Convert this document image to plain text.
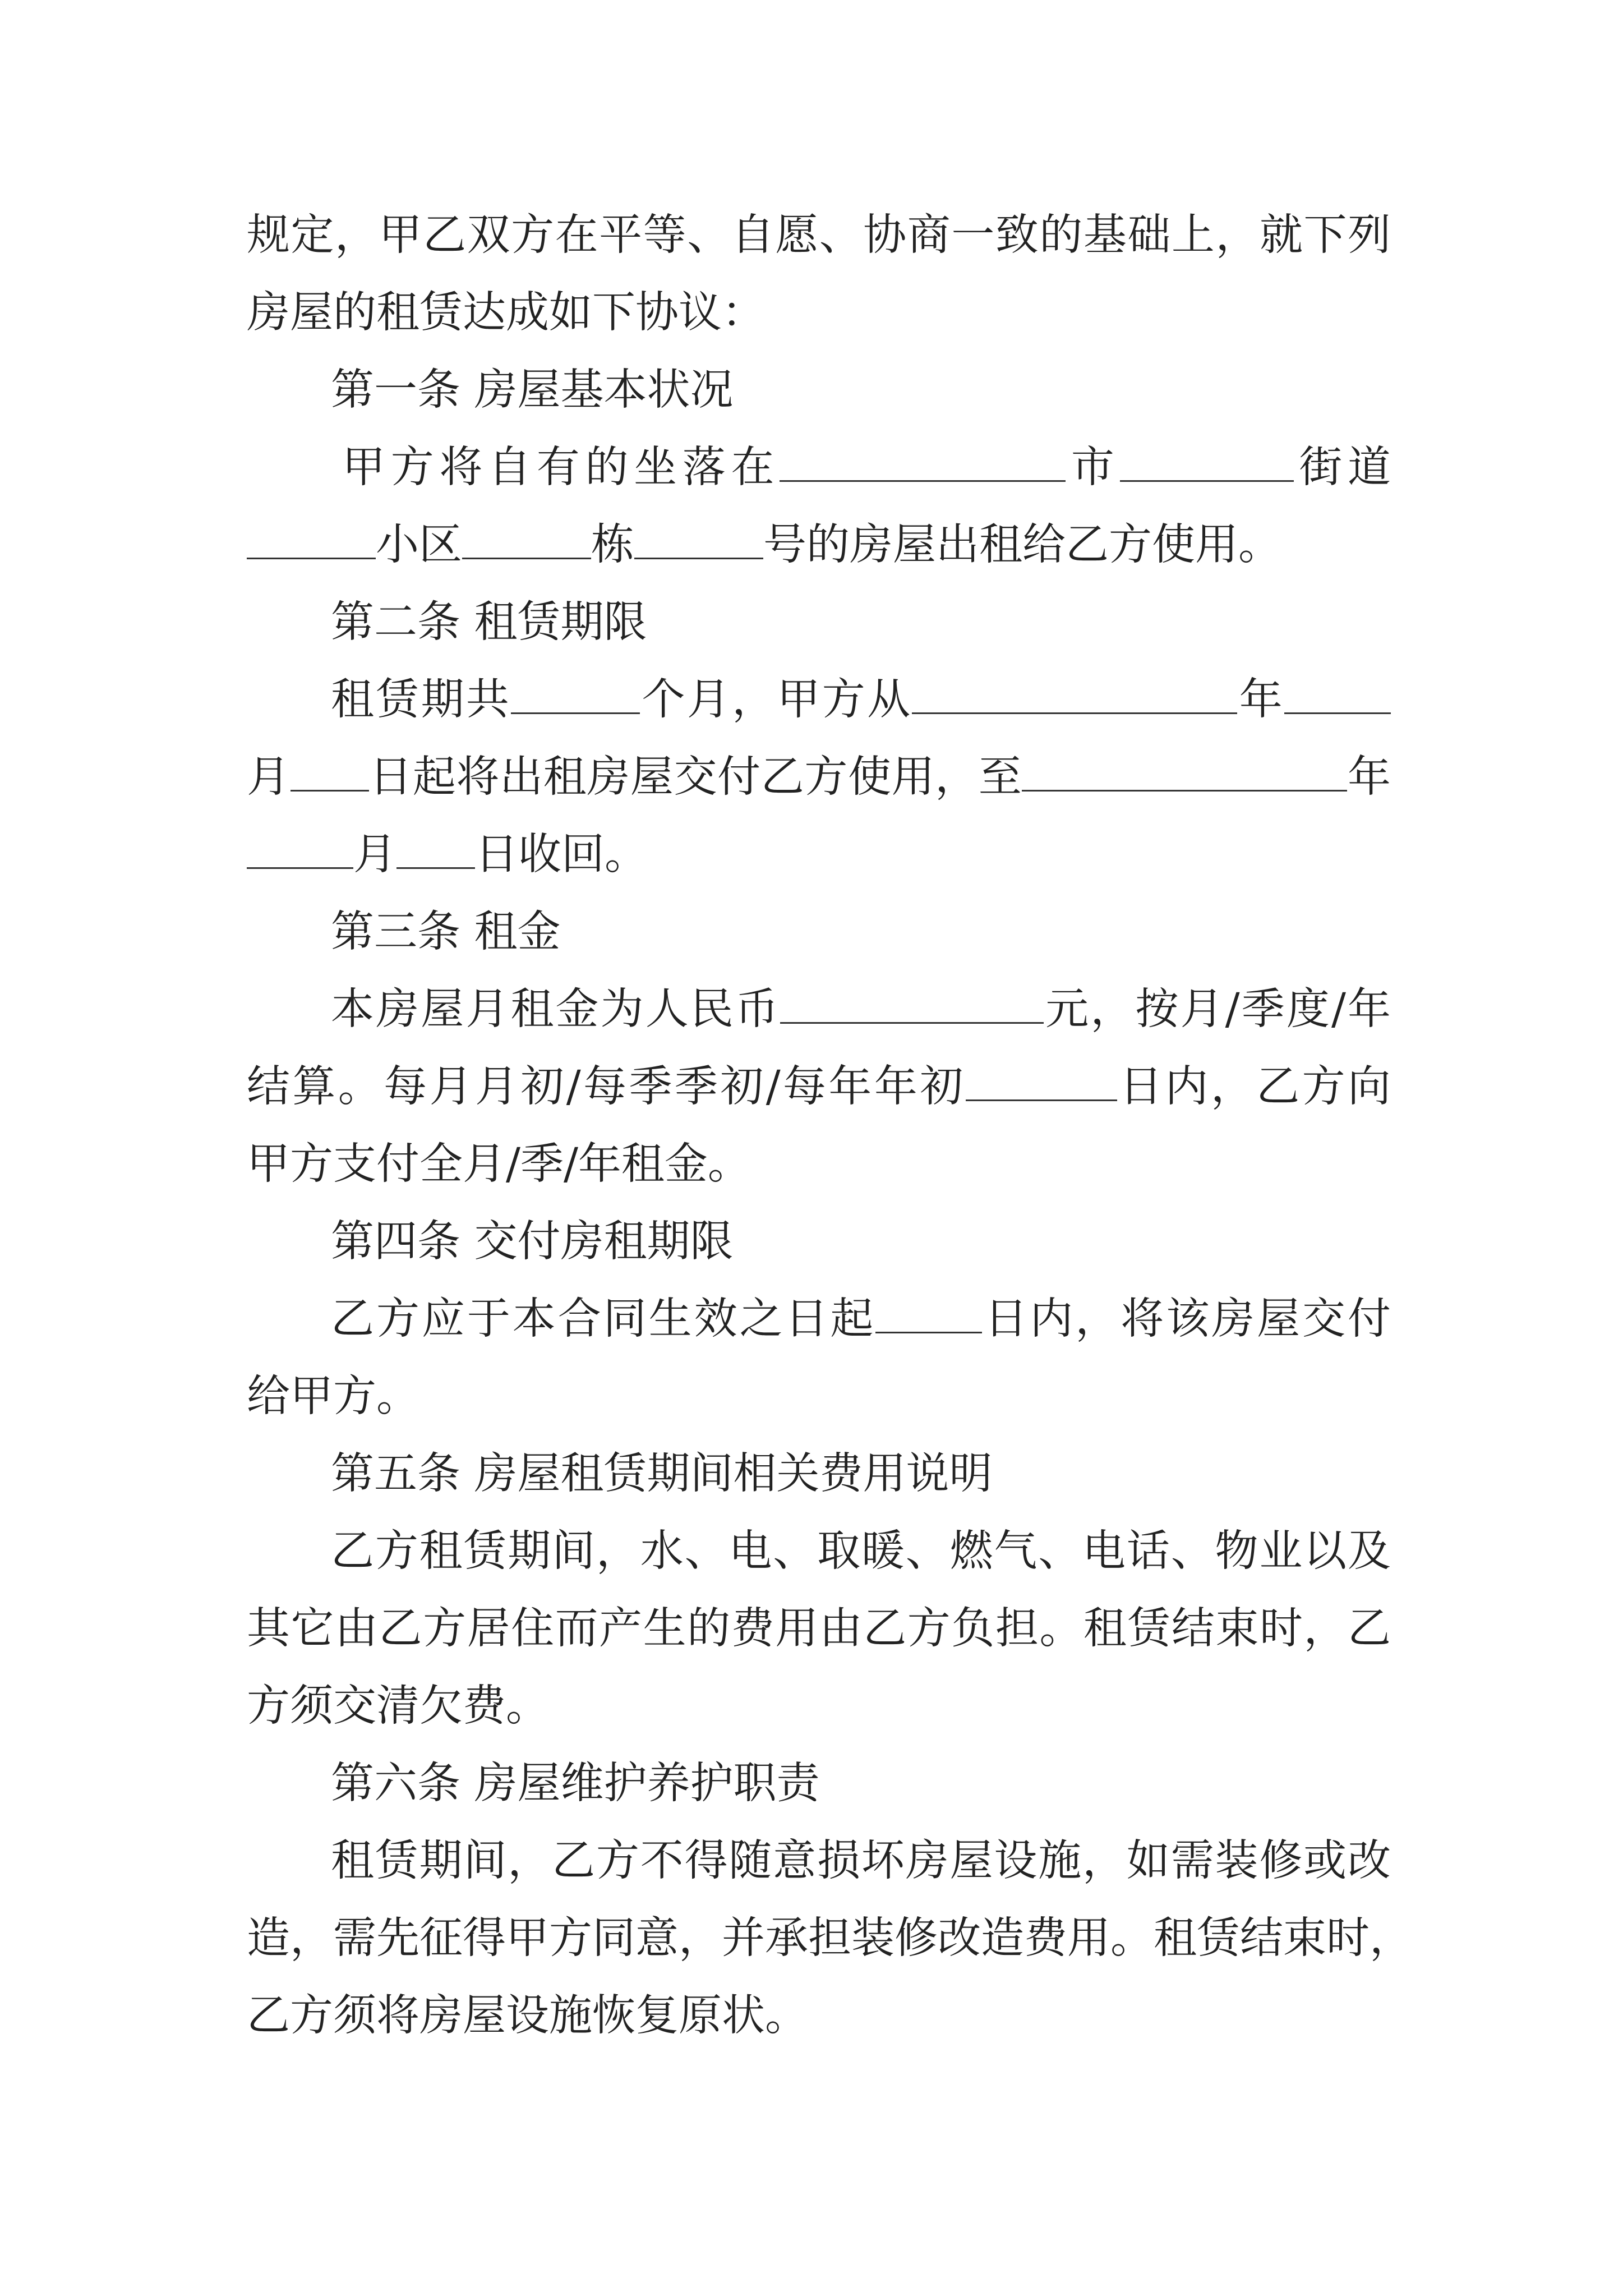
规定，甲乙双方在平等、自愿、协商一致的基础上，就下列
房屋的租赁达成如下协议：
第一条 房屋基本状况
甲方将自有的坐落在	市	街道
小区	栋	号的房屋出租给乙方使用。
第二条 租赁期限
租赁期共	个月，甲方从	年
月 日起将出租房屋交付乙方使用，至	年
月 日收回。
第三条 租金
本房屋月租金为人民币	元，按月/季度/年
结算。每月月初/每季季初/每年年初	日内，乙方向
甲方支付全月/季/年租金。
第四条 交付房租期限
乙方应于本合同生效之日起 日内，将该房屋交付
给甲方。
第五条 房屋租赁期间相关费用说明
乙方租赁期间，水、电、取暖、燃气、电话、物业以及
其它由乙方居住而产生的费用由乙方负担。租赁结束时，乙
方须交清欠费。
第六条 房屋维护养护职责
租赁期间，乙方不得随意损坏房屋设施，如需装修或改
造，需先征得甲方同意，并承担装修改造费用。租赁结束时，
乙方须将房屋设施恢复原状。
